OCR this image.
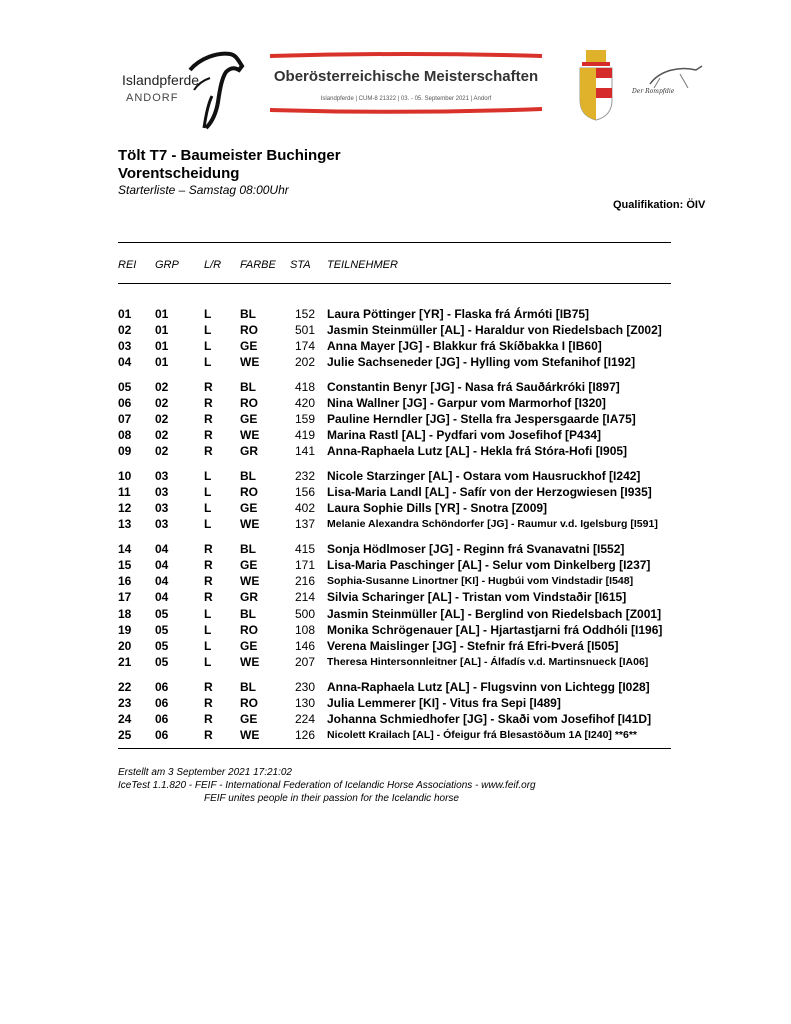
Islandpferde
ANDORF
Oberösterreichische Meisterschaften
Islandpferde | CUM-8 21322 | 03. - 05. September 2021 | Andorf
Der Rompfdie
Tölt T7 - Baumeister Buchinger
Vorentscheidung
Starterliste – Samstag 08:00Uhr
Qualifikation: ÖIV
REI GRP L/R FARBE STA TEILNEHMER
01 01	L BL	152 Laura Pöttinger [YR] - Flaska frá Ármóti [IB75]
02 01	L RO	501 Jasmin Steinmüller [AL] - Haraldur von Riedelsbach [Z002]
03 01	L GE	174 Anna Mayer [JG] - Blakkur frá Skíðbakka I [IB60]
04 01	L WE	202 Julie Sachseneder [JG] - Hylling vom Stefanihof [I192]
05 02	R BL	418 Constantin Benyr [JG] - Nasa frá Sauðárkróki [I897]
06 02	R RO	420 Nina Wallner [JG] - Garpur vom Marmorhof [I320]
07 02	R GE	159 Pauline Herndler [JG] - Stella fra Jespersgaarde [IA75]
08 02	R WE	419 Marina Rastl [AL] - Pydfari vom Josefihof [P434]
09 02	R GR	141 Anna-Raphaela Lutz [AL] - Hekla frá Stóra-Hofi [I905]
10 03	L BL	232 Nicole Starzinger [AL] - Ostara vom Hausruckhof [I242]
11 03	L RO	156 Lisa-Maria Landl [AL] - Safír von der Herzogwiesen [I935]
12 03	L GE	402 Laura Sophie Dills [YR] - Snotra [Z009]
13 03	L WE	137 Melanie Alexandra Schöndorfer [JG] - Raumur v.d. Igelsburg [I591]
14 04	R BL	415 Sonja Hödlmoser [JG] - Reginn frá Svanavatni [I552]
15 04	R GE	171 Lisa-Maria Paschinger [AL] - Selur vom Dinkelberg [I237]
16 04	R WE	216 Sophia-Susanne Linortner [KI] - Hugbúi vom Vindstadir [I548]
17 04	R GR	214 Silvia Scharinger [AL] - Tristan vom Vindstaðir [I615]
18 05	L BL	500 Jasmin Steinmüller [AL] - Berglind von Riedelsbach [Z001]
19 05	L RO	108 Monika Schrögenauer [AL] - Hjartastjarni frá Oddhóli [I196]
20 05	L GE	146 Verena Maislinger [JG] - Stefnir frá Efri-Þverá [I505]
21 05	L WE	207 Theresa Hintersonnleitner [AL] - Álfadís v.d. Martinsnueck [IA06]
22 06	R BL	230 Anna-Raphaela Lutz [AL] - Flugsvinn von Lichtegg [I028]
23 06	R RO	130 Julia Lemmerer [KI] - Vitus fra Sepi [I489]
24 06	R GE	224 Johanna Schmiedhofer [JG] - Skaði vom Josefihof [I41D]
25 06	R WE	126 Nicolett Krailach [AL] - Ófeigur frá Blesastöðum 1A [I240] **6**
Erstellt am 3 September 2021 17:21:02
IceTest 1.1.820 - FEIF - International Federation of Icelandic Horse Associations - www.feif.org
FEIF unites people in their passion for the Icelandic horse
